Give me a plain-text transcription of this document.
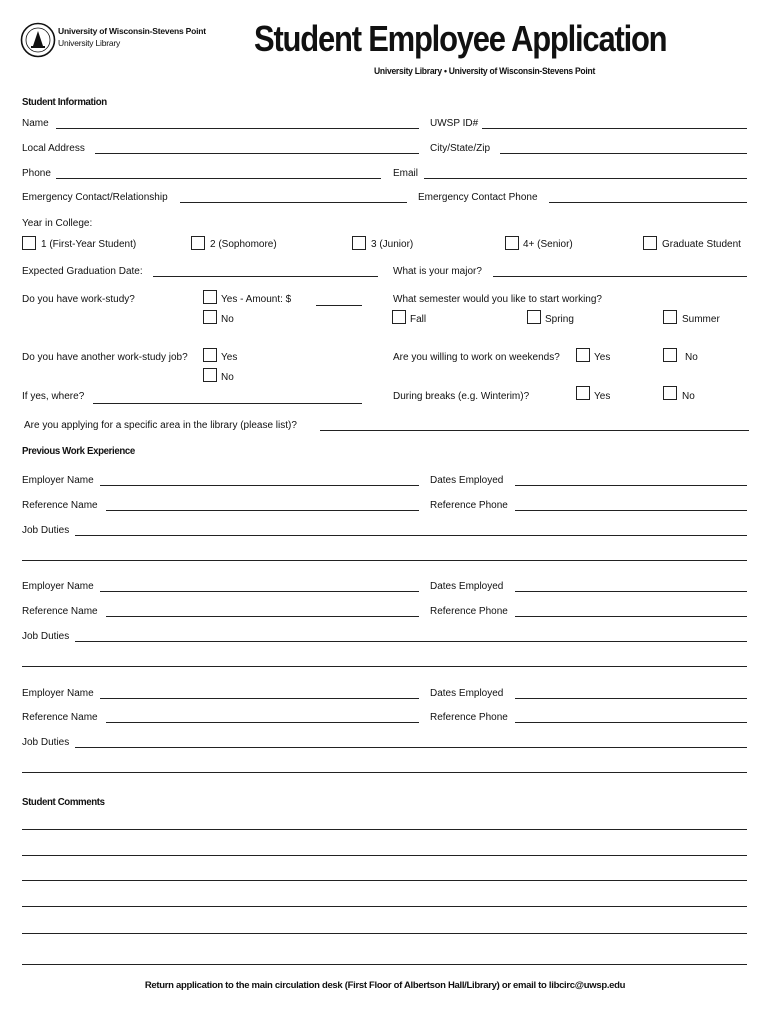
University of Wisconsin-Stevens Point
University Library	Student Employee Application
University Library • University of Wisconsin-Stevens Point
Student Information
Name	UWSP ID#
Local Address	City/State/Zip
Phone	Email
Emergency Contact/Relationship	Emergency Contact Phone
Year in College:
1 (First-Year Student)	2 (Sophomore)	3 (Junior)	4+ (Senior)	Graduate Student
Expected Graduation Date:	What is your major?
Do you have work-study?	Yes - Amount: $
No
What semester would you like to start working?
Fall	Spring	Summer
Do you have another work-study job?	Yes
No
Are you willing to work on weekends?	Yes	No
If yes, where?	During breaks (e.g. Winterim)?	Yes	No
Are you applying for a specific area in the library (please list)?
Previous Work Experience
Employer Name	Dates Employed
Reference Name	Reference Phone
Job Duties
Employer Name	Dates Employed
Reference Name	Reference Phone
Job Duties
Employer Name	Dates Employed
Reference Name	Reference Phone
Job Duties
Student Comments
Return application to the main circulation desk (First Floor of Albertson Hall/Library) or email to libcirc@uwsp.edu
